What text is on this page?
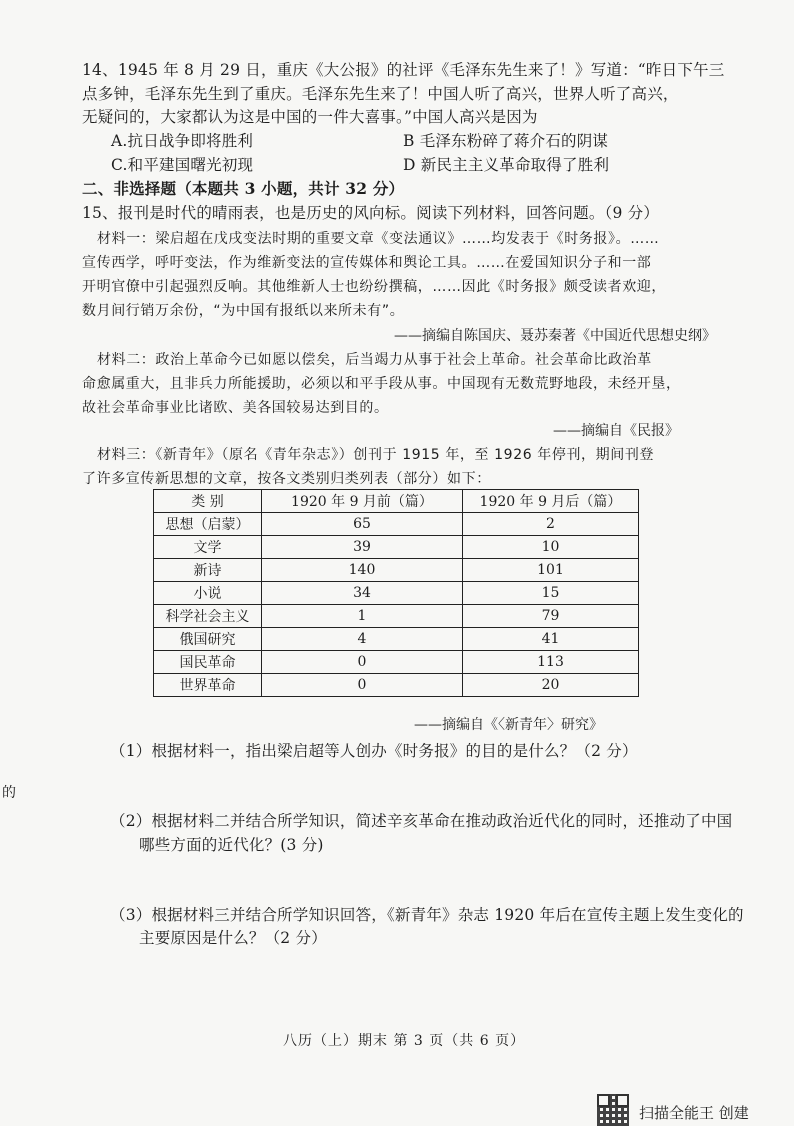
14、1945 年 8 月 29 日，重庆《大公报》的社评《毛泽东先生来了！》写道：“昨日下午三
点多钟，毛泽东先生到了重庆。毛泽东先生来了！中国人听了高兴，世界人听了高兴，
无疑问的，大家都认为这是中国的一件大喜事。”中国人高兴是因为
A.抗日战争即将胜利	B 毛泽东粉碎了蒋介石的阴谋
C.和平建国曙光初现	D 新民主主义革命取得了胜利
二、非选择题（本题共 3 小题，共计 32 分）
15、报刊是时代的晴雨表，也是历史的风向标。阅读下列材料，回答问题。（9 分）
材料一：梁启超在戊戌变法时期的重要文章《变法通议》……均发表于《时务报》。……
宣传西学，呼吁变法，作为维新变法的宣传媒体和舆论工具。……在爱国知识分子和一部
开明官僚中引起强烈反响。其他维新人士也纷纷撰稿，……因此《时务报》颇受读者欢迎，
数月间行销万余份，“为中国有报纸以来所未有”。
——摘编自陈国庆、聂苏秦著《中国近代思想史纲》
材料二：政治上革命今已如愿以偿矣，后当竭力从事于社会上革命。社会革命比政治革
命愈属重大，且非兵力所能援助，必须以和平手段从事。中国现有无数荒野地段，未经开垦，
故社会革命事业比诸欧、美各国较易达到目的。
——摘编自《民报》
材料三：《新青年》（原名《青年杂志》）创刊于 1915 年，至 1926 年停刊，期间刊登
了许多宣传新思想的文章，按各文类别归类列表（部分）如下：
类 别	1920 年 9 月前（篇）	1920 年 9 月后（篇）
思想（启蒙）	65	2
文学	39	10
新诗	140	101
小说	34	15
科学社会主义	1	79
俄国研究	4	41
国民革命	0	113
世界革命	0	20
——摘编自《〈新青年〉研究》
（1）根据材料一，指出梁启超等人创办《时务报》的目的是什么？（2 分）
的
（2）根据材料二并结合所学知识，简述辛亥革命在推动政治近代化的同时，还推动了中国
哪些方面的近代化？(3 分)
（3）根据材料三并结合所学知识回答，《新青年》杂志 1920 年后在宣传主题上发生变化的
主要原因是什么？（2 分）
八历（上）期末 第 3 页（共 6 页）
扫描全能王 创建
